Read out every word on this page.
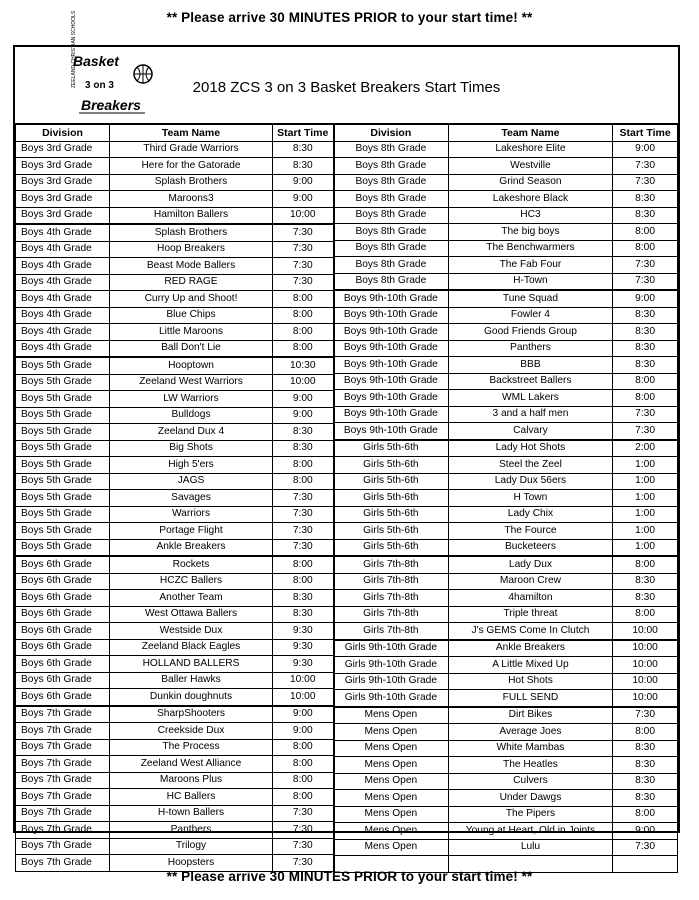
** Please arrive 30 MINUTES PRIOR to your start time! **
ZEELAND CHRISTIAN SCHOOLS
Basket
3 on 3
Breakers
2018 ZCS 3 on 3 Basket Breakers Start Times
Division	Team Name	Start Time
Boys 3rd Grade	Third Grade Warriors	8:30
Boys 3rd Grade	Here for the Gatorade	8:30
Boys 3rd Grade	Splash Brothers	9:00
Boys 3rd Grade	Maroons3	9:00
Boys 3rd Grade	Hamilton Ballers	10:00
Boys 4th Grade	Splash Brothers	7:30
Boys 4th Grade	Hoop Breakers	7:30
Boys 4th Grade	Beast Mode Ballers	7:30
Boys 4th Grade	RED RAGE	7:30
Boys 4th Grade	Curry Up and Shoot!	8:00
Boys 4th Grade	Blue Chips	8:00
Boys 4th Grade	Little Maroons	8:00
Boys 4th Grade	Ball Don't Lie	8:00
Boys 5th Grade	Hooptown	10:30
Boys 5th Grade	Zeeland West Warriors	10:00
Boys 5th Grade	LW Warriors	9:00
Boys 5th Grade	Bulldogs	9:00
Boys 5th Grade	Zeeland Dux 4	8:30
Boys 5th Grade	Big Shots	8:30
Boys 5th Grade	High 5'ers	8:00
Boys 5th Grade	JAGS	8:00
Boys 5th Grade	Savages	7:30
Boys 5th Grade	Warriors	7:30
Boys 5th Grade	Portage Flight	7:30
Boys 5th Grade	Ankle Breakers	7:30
Boys 6th Grade	Rockets	8:00
Boys 6th Grade	HCZC Ballers	8:00
Boys 6th Grade	Another Team	8:30
Boys 6th Grade	West Ottawa Ballers	8:30
Boys 6th Grade	Westside Dux	9:30
Boys 6th Grade	Zeeland Black Eagles	9:30
Boys 6th Grade	HOLLAND BALLERS	9:30
Boys 6th Grade	Baller Hawks	10:00
Boys 6th Grade	Dunkin doughnuts	10:00
Boys 7th Grade	SharpShooters	9:00
Boys 7th Grade	Creekside Dux	9:00
Boys 7th Grade	The Process	8:00
Boys 7th Grade	Zeeland West Alliance	8:00
Boys 7th Grade	Maroons Plus	8:00
Boys 7th Grade	HC Ballers	8:00
Boys 7th Grade	H-town Ballers	7:30
Boys 7th Grade	Panthers	7:30
Boys 7th Grade	Trilogy	7:30
Boys 7th Grade	Hoopsters	7:30
Division	Team Name	Start Time
Boys 8th Grade	Lakeshore Elite	9:00
Boys 8th Grade	Westville	7:30
Boys 8th Grade	Grind Season	7:30
Boys 8th Grade	Lakeshore Black	8:30
Boys 8th Grade	HC3	8:30
Boys 8th Grade	The big boys	8:00
Boys 8th Grade	The Benchwarmers	8:00
Boys 8th Grade	The Fab Four	7:30
Boys 8th Grade	H-Town	7:30
Boys 9th-10th Grade	Tune Squad	9:00
Boys 9th-10th Grade	Fowler 4	8:30
Boys 9th-10th Grade	Good Friends Group	8:30
Boys 9th-10th Grade	Panthers	8:30
Boys 9th-10th Grade	BBB	8:30
Boys 9th-10th Grade	Backstreet Ballers	8:00
Boys 9th-10th Grade	WML Lakers	8:00
Boys 9th-10th Grade	3 and a half men	7:30
Boys 9th-10th Grade	Calvary	7:30
Girls 5th-6th	Lady Hot Shots	2:00
Girls 5th-6th	Steel the Zeel	1:00
Girls 5th-6th	Lady Dux 56ers	1:00
Girls 5th-6th	H Town	1:00
Girls 5th-6th	Lady Chix	1:00
Girls 5th-6th	The Fource	1:00
Girls 5th-6th	Bucketeers	1:00
Girls 7th-8th	Lady Dux	8:00
Girls 7th-8th	Maroon Crew	8:30
Girls 7th-8th	4hamilton	8:30
Girls 7th-8th	Triple threat	8:00
Girls 7th-8th	J's GEMS Come In Clutch	10:00
Girls 9th-10th Grade	Ankle Breakers	10:00
Girls 9th-10th Grade	A Little Mixed Up	10:00
Girls 9th-10th Grade	Hot Shots	10:00
Girls 9th-10th Grade	FULL SEND	10:00
Mens Open	Dirt Bikes	7:30
Mens Open	Average Joes	8:00
Mens Open	White Mambas	8:30
Mens Open	The Heatles	8:30
Mens Open	Culvers	8:30
Mens Open	Under Dawgs	8:30
Mens Open	The Pipers	8:00
Mens Open	Young at Heart, Old in Joints	9:00
Mens Open	Lulu	7:30

** Please arrive 30 MINUTES PRIOR to your start time! **
